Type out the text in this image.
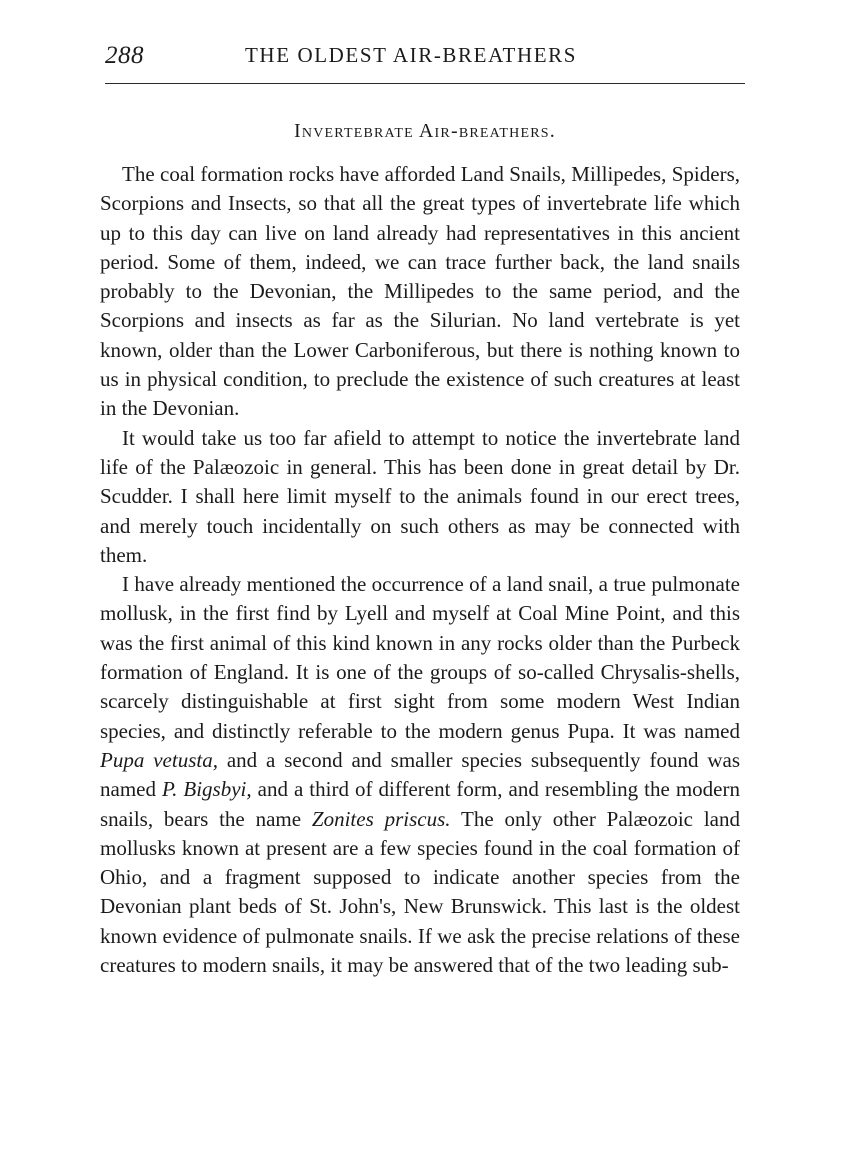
288	THE OLDEST AIR-BREATHERS
Invertebrate Air-breathers.

The coal formation rocks have afforded Land Snails, Millipedes, Spiders, Scorpions and Insects, so that all the great types of invertebrate life which up to this day can live on land already had representatives in this ancient period. Some of them, indeed, we can trace further back, the land snails probably to the Devonian, the Millipedes to the same period, and the Scorpions and insects as far as the Silurian. No land vertebrate is yet known, older than the Lower Carboniferous, but there is nothing known to us in physical condition, to preclude the existence of such creatures at least in the Devonian.

It would take us too far afield to attempt to notice the invertebrate land life of the Palæozoic in general. This has been done in great detail by Dr. Scudder. I shall here limit myself to the animals found in our erect trees, and merely touch incidentally on such others as may be connected with them.

I have already mentioned the occurrence of a land snail, a true pulmonate mollusk, in the first find by Lyell and myself at Coal Mine Point, and this was the first animal of this kind known in any rocks older than the Purbeck formation of England. It is one of the groups of so-called Chrysalis-shells, scarcely distinguishable at first sight from some modern West Indian species, and distinctly referable to the modern genus Pupa. It was named Pupa vetusta, and a second and smaller species subsequently found was named P. Bigsbyi, and a third of different form, and resembling the modern snails, bears the name Zonites priscus. The only other Palæozoic land mollusks known at present are a few species found in the coal formation of Ohio, and a fragment supposed to indicate another species from the Devonian plant beds of St. John's, New Brunswick. This last is the oldest known evidence of pulmonate snails. If we ask the precise relations of these creatures to modern snails, it may be answered that of the two leading sub-
